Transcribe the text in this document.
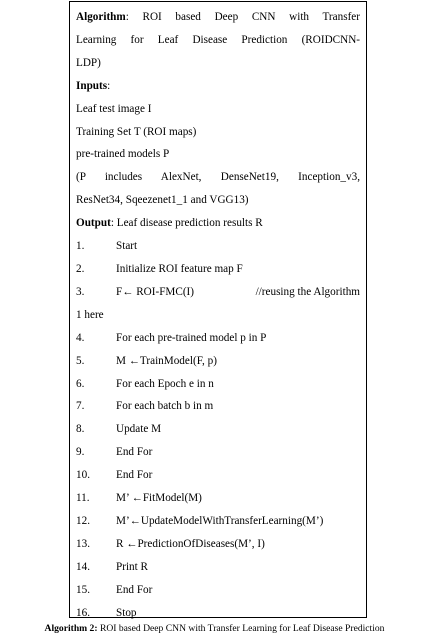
Algorithm: ROI based Deep CNN with Transfer

Learning for Leaf Disease Prediction (ROIDCNN-

LDP)

Inputs:

Leaf test image I

Training Set T (ROI maps)

pre-trained models P

(P includes AlexNet, DenseNet19, Inception_v3,

ResNet34, Sqeezenet1_1 and VGG13)

Output: Leaf disease prediction results R

1.	Start
2.	Initialize ROI feature map F
3.	F← ROI-FMC(I)	//reusing the Algorithm

1 here

4.	For each pre-trained model p in P
5.	M ←TrainModel(F, p)
6.	For each Epoch e in n
7.	For each batch b in m
8.	Update M
9.	End For
10.	End For
11.	M’ ←FitModel(M)
12.	M’←UpdateModelWithTransferLearning(M’)
13.	R ←PredictionOfDiseases(M’, I)
14.	Print R
15.	End For
16.	Stop
Algorithm 2: ROI based Deep CNN with Transfer Learning for Leaf Disease Prediction
